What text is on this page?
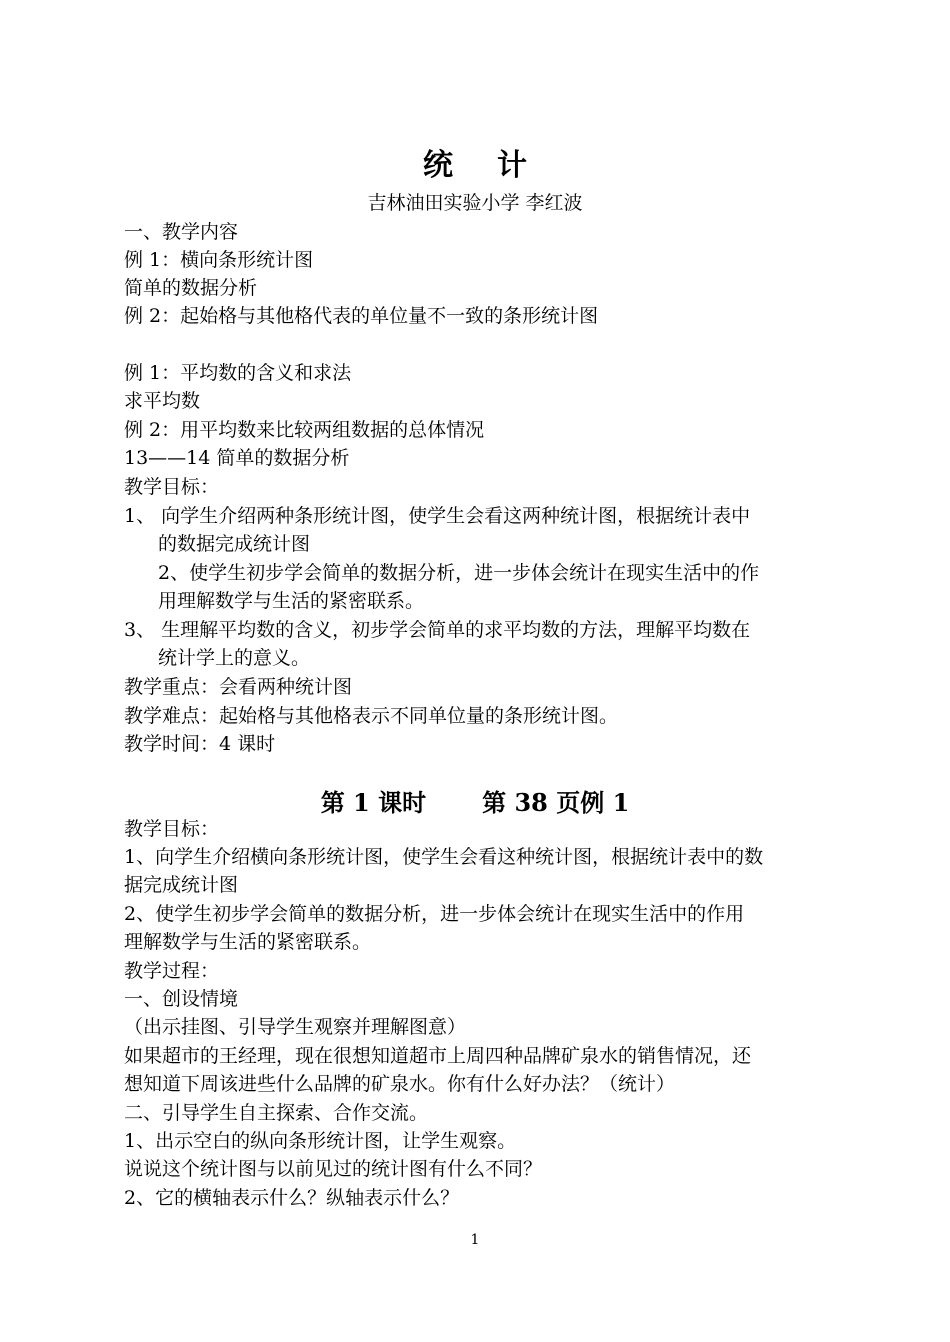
统 计
吉林油田实验小学 李红波
一、教学内容
例 1：横向条形统计图
简单的数据分析
例 2：起始格与其他格代表的单位量不一致的条形统计图
例 1：平均数的含义和求法
求平均数
例 2：用平均数来比较两组数据的总体情况
13——14 简单的数据分析
教学目标：
1、 向学生介绍两种条形统计图，使学生会看这两种统计图，根据统计表中
的数据完成统计图
2、使学生初步学会简单的数据分析，进一步体会统计在现实生活中的作
用理解数学与生活的紧密联系。
3、 生理解平均数的含义，初步学会简单的求平均数的方法，理解平均数在
统计学上的意义。
教学重点：会看两种统计图
教学难点：起始格与其他格表示不同单位量的条形统计图。
教学时间：4 课时
第 1 课时 第 38 页例 1
教学目标：
1、向学生介绍横向条形统计图，使学生会看这种统计图，根据统计表中的数
据完成统计图
2、使学生初步学会简单的数据分析，进一步体会统计在现实生活中的作用
理解数学与生活的紧密联系。
教学过程：
一、创设情境
（出示挂图、引导学生观察并理解图意）
如果超市的王经理，现在很想知道超市上周四种品牌矿泉水的销售情况，还
想知道下周该进些什么品牌的矿泉水。你有什么好办法？（统计）
二、引导学生自主探索、合作交流。
1、出示空白的纵向条形统计图，让学生观察。
说说这个统计图与以前见过的统计图有什么不同？
2、它的横轴表示什么？纵轴表示什么？
1
